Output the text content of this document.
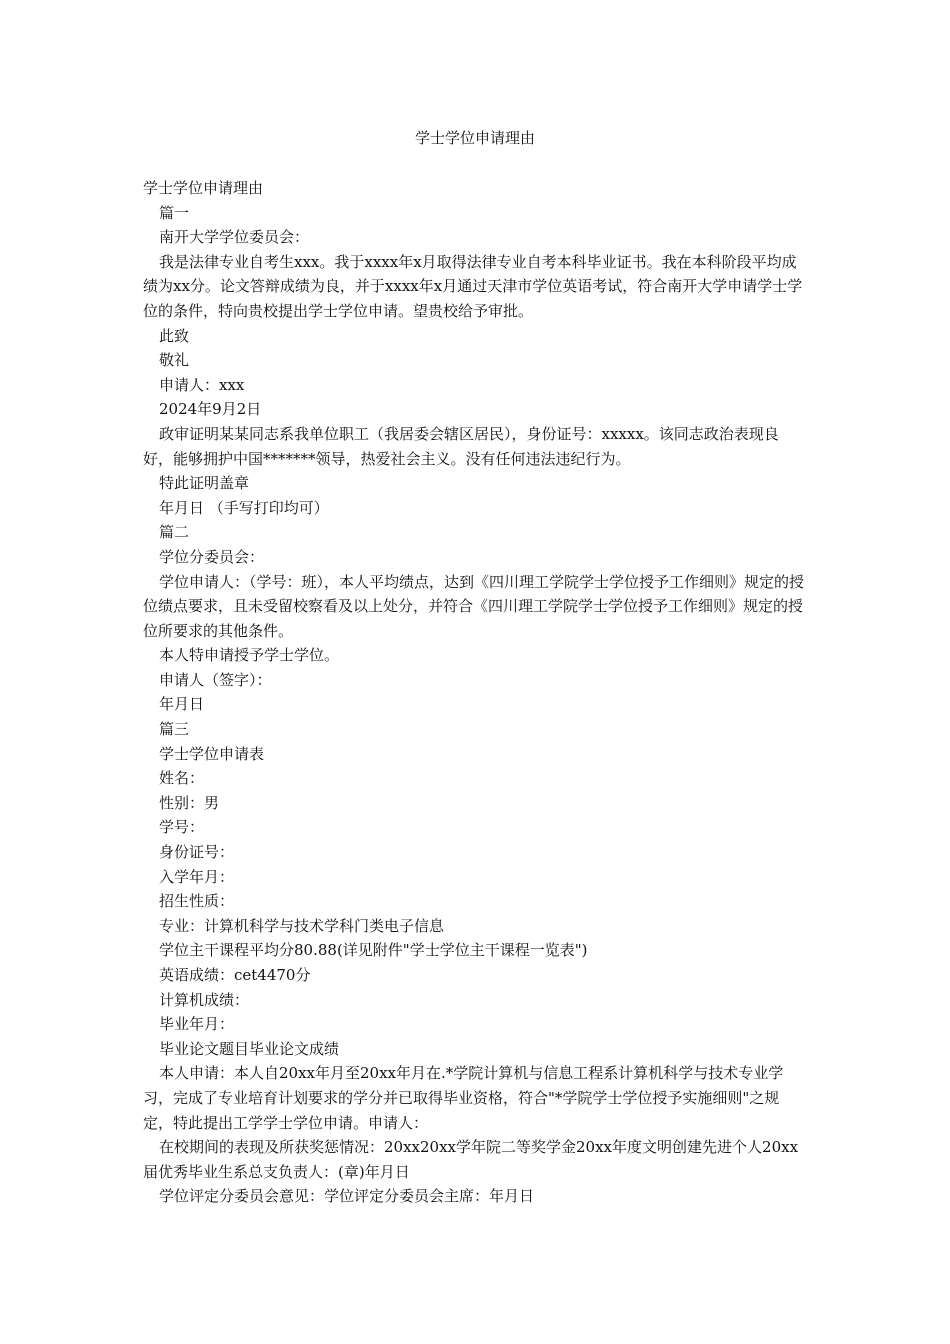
学士学位申请理由

学士学位申请理由

篇一

南开大学学位委员会：

我是法律专业自考生xxx。我于xxxx年x月取得法律专业自考本科毕业证书。我在本科阶段平均成绩为xx分。论文答辩成绩为良，并于xxxx年x月通过天津市学位英语考试，符合南开大学申请学士学位的条件，特向贵校提出学士学位申请。望贵校给予审批。

此致

敬礼

申请人：xxx

2024年9月2日

政审证明某某同志系我单位职工（我居委会辖区居民），身份证号：xxxxx。该同志政治表现良好，能够拥护中国*******领导，热爱社会主义。没有任何违法违纪行为。

特此证明盖章

年月日 （手写打印均可）

篇二

学位分委员会：

学位申请人：（学号：班），本人平均绩点，达到《四川理工学院学士学位授予工作细则》规定的授位绩点要求，且未受留校察看及以上处分，并符合《四川理工学院学士学位授予工作细则》规定的授位所要求的其他条件。

本人特申请授予学士学位。

申请人（签字）：

年月日

篇三

学士学位申请表

姓名：

性别：男

学号：

身份证号：

入学年月：

招生性质：

专业：计算机科学与技术学科门类电子信息

学位主干课程平均分80.88(详见附件"学士学位主干课程一览表")

英语成绩：cet4470分

计算机成绩：

毕业年月：

毕业论文题目毕业论文成绩

本人申请：本人自20xx年月至20xx年月在.*学院计算机与信息工程系计算机科学与技术专业学习，完成了专业培育计划要求的学分并已取得毕业资格，符合"*学院学士学位授予实施细则"之规定，特此提出工学学士学位申请。申请人：

在校期间的表现及所获奖惩情况：20xx20xx学年院二等奖学金20xx年度文明创建先进个人20xx届优秀毕业生系总支负责人：(章)年月日

学位评定分委员会意见：学位评定分委员会主席：年月日
